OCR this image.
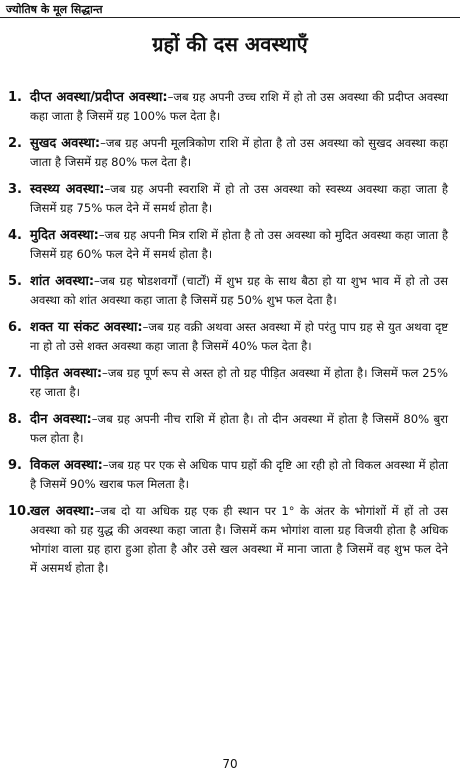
ज्योतिष के मूल सिद्धान्त
ग्रहों की दस अवस्थाएँ
1. दीप्त अवस्था/प्रदीप्त अवस्था:–जब ग्रह अपनी उच्च राशि में हो तो उस अवस्था की प्रदीप्त अवस्था कहा जाता है जिसमें ग्रह 100% फल देता है।
2. सुखद अवस्था:–जब ग्रह अपनी मूलत्रिकोण राशि में होता है तो उस अवस्था को सुखद अवस्था कहा जाता है जिसमें ग्रह 80% फल देता है।
3. स्वस्थ्य अवस्था:–जब ग्रह अपनी स्वराशि में हो तो उस अवस्था को स्वस्थ्य अवस्था कहा जाता है जिसमें ग्रह 75% फल देने में समर्थ होता है।
4. मुदित अवस्था:–जब ग्रह अपनी मित्र राशि में होता है तो उस अवस्था को मुदित अवस्था कहा जाता है जिसमें ग्रह 60% फल देने में समर्थ होता है।
5. शांत अवस्था:–जब ग्रह षोडशवर्गों (चार्टों) में शुभ ग्रह के साथ बैठा हो या शुभ भाव में हो तो उस अवस्था को शांत अवस्था कहा जाता है जिसमें ग्रह 50% शुभ फल देता है।
6. शक्त या संकट अवस्था:–जब ग्रह वक्री अथवा अस्त अवस्था में हो परंतु पाप ग्रह से युत अथवा दृष्ट ना हो तो उसे शक्त अवस्था कहा जाता है जिसमें 40% फल देता है।
7. पीड़ित अवस्था:–जब ग्रह पूर्ण रूप से अस्त हो तो ग्रह पीड़ित अवस्था में होता है। जिसमें फल 25% रह जाता है।
8. दीन अवस्था:–जब ग्रह अपनी नीच राशि में होता है। तो दीन अवस्था में होता है जिसमें 80% बुरा फल होता है।
9. विकल अवस्था:–जब ग्रह पर एक से अधिक पाप ग्रहों की दृष्टि आ रही हो तो विकल अवस्था में होता है जिसमें 90% खराब फल मिलता है।
10.
खल अवस्था:–जब दो या अधिक ग्रह एक ही स्थान पर 1° के अंतर के भोगांशों में हों तो उस अवस्था को ग्रह युद्ध की अवस्था कहा जाता है। जिसमें कम भोगांश वाला ग्रह विजयी होता है अधिक भोगांश वाला ग्रह हारा हुआ होता है और उसे खल अवस्था में माना जाता है जिसमें वह शुभ फल देने में असमर्थ होता है।
70
